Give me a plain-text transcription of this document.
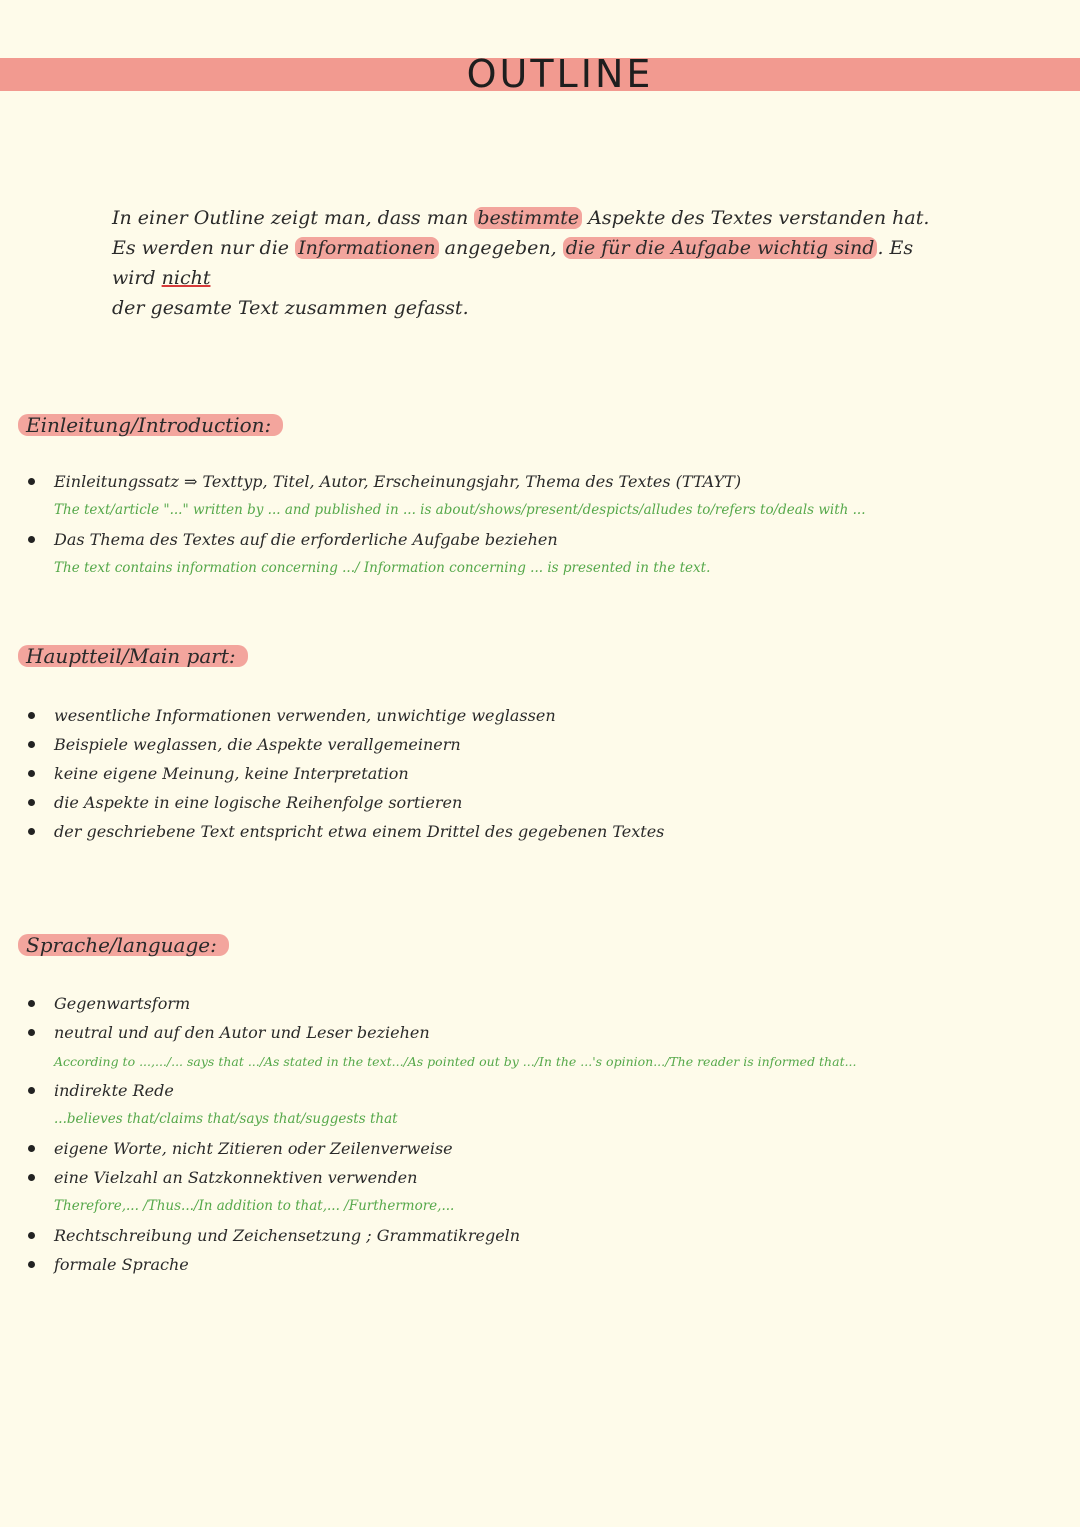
OUTLINE

In einer Outline zeigt man, dass man bestimmte Aspekte des Textes verstanden hat.

Es werden nur die Informationen angegeben, die für die Aufgabe wichtig sind . Es wird nicht

der gesamte Text zusammen gefasst.

Einleitung/Introduction:
Einleitungssatz ⇒ Texttyp, Titel, Autor, Erscheinungsjahr, Thema des Textes (TTAYT)
The text/article "..." written by ... and published in ... is about/shows/present/despicts/alludes to/refers to/deals with ...
Das Thema des Textes auf die erforderliche Aufgabe beziehen
The text contains information concerning .../ Information concerning ... is presented in the text.
Hauptteil/Main part:
wesentliche Informationen verwenden, unwichtige weglassen
Beispiele weglassen, die Aspekte verallgemeinern
keine eigene Meinung, keine Interpretation
die Aspekte in eine logische Reihenfolge sortieren
der geschriebene Text entspricht etwa einem Drittel des gegebenen Textes
Sprache/language:
Gegenwartsform
neutral und auf den Autor und Leser beziehen
According to ...,.../... says that .../As stated in the text.../As pointed out by .../In the ...'s opinion.../The reader is informed that...
indirekte Rede
...believes that/claims that/says that/suggests that
eigene Worte, nicht Zitieren oder Zeilenverweise
eine Vielzahl an Satzkonnektiven verwenden
Therefore,... /Thus.../In addition to that,... /Furthermore,...
Rechtschreibung und Zeichensetzung ; Grammatikregeln
formale Sprache
